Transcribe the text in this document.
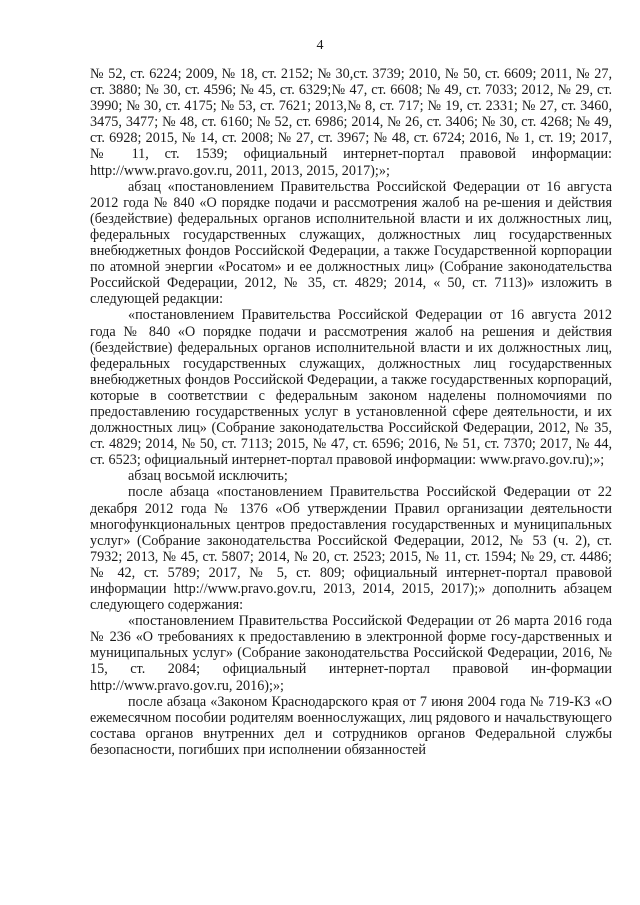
4

№ 52, ст. 6224; 2009, № 18, ст. 2152; № 30,ст. 3739; 2010, № 50, ст. 6609; 2011, № 27, ст. 3880; № 30, ст. 4596; № 45, ст. 6329;№ 47, ст. 6608; № 49, ст. 7033; 2012, № 29, ст. 3990; № 30, ст. 4175; № 53, ст. 7621; 2013,№ 8, ст. 717; № 19, ст. 2331; № 27, ст. 3460, 3475, 3477; № 48, ст. 6160; № 52, ст. 6986; 2014, № 26, ст. 3406; № 30, ст. 4268; № 49, ст. 6928; 2015, № 14, ст. 2008; № 27, ст. 3967; № 48, ст. 6724; 2016, № 1, ст. 19; 2017, № 11, ст. 1539; официальный интернет-портал правовой информации: http://www.pravo.gov.ru, 2011, 2013, 2015, 2017);»;

абзац «постановлением Правительства Российской Федерации от 16 августа 2012 года № 840 «О порядке подачи и рассмотрения жалоб на ре-шения и действия (бездействие) федеральных органов исполнительной власти и их должностных лиц, федеральных государственных служащих, должностных лиц государственных внебюджетных фондов Российской Федерации, а также Государственной корпорации по атомной энергии «Росатом» и ее должностных лиц» (Собрание законодательства Российской Федерации, 2012, № 35, ст. 4829; 2014, « 50, ст. 7113)» изложить в следующей редакции:

«постановлением Правительства Российской Федерации от 16 августа 2012 года № 840 «О порядке подачи и рассмотрения жалоб на решения и действия (бездействие) федеральных органов исполнительной власти и их должностных лиц, федеральных государственных служащих, должностных лиц государственных внебюджетных фондов Российской Федерации, а также государственных корпораций, которые в соответствии с федеральным законом наделены полномочиями по предоставлению государственных услуг в установленной сфере деятельности, и их должностных лиц» (Собрание законодательства Российской Федерации, 2012, № 35, ст. 4829; 2014, № 50, ст. 7113; 2015, № 47, ст. 6596; 2016, № 51, ст. 7370; 2017, № 44, ст. 6523; официальный интернет-портал правовой информации: www.pravo.gov.ru);»;

абзац восьмой исключить;

после абзаца «постановлением Правительства Российской Федерации от 22 декабря 2012 года № 1376 «Об утверждении Правил организации деятельности многофункциональных центров предоставления государственных и муниципальных услуг» (Собрание законодательства Российской Федерации, 2012, № 53 (ч. 2), ст. 7932; 2013, № 45, ст. 5807; 2014, № 20, ст. 2523; 2015, № 11, ст. 1594; № 29, ст. 4486; № 42, ст. 5789; 2017, № 5, ст. 809; официальный интернет-портал правовой информации http://www.pravo.gov.ru, 2013, 2014, 2015, 2017);» дополнить абзацем следующего содержания:

«постановлением Правительства Российской Федерации от 26 марта 2016 года № 236 «О требованиях к предоставлению в электронной форме госу-дарственных и муниципальных услуг» (Собрание законодательства Российской Федерации, 2016, № 15, ст. 2084; официальный интернет-портал правовой ин-формации http://www.pravo.gov.ru, 2016);»;

после абзаца «Законом Краснодарского края от 7 июня 2004 года № 719-КЗ «О ежемесячном пособии родителям военнослужащих, лиц рядового и начальствующего состава органов внутренних дел и сотрудников органов Федеральной службы безопасности, погибших при исполнении обязанностей
